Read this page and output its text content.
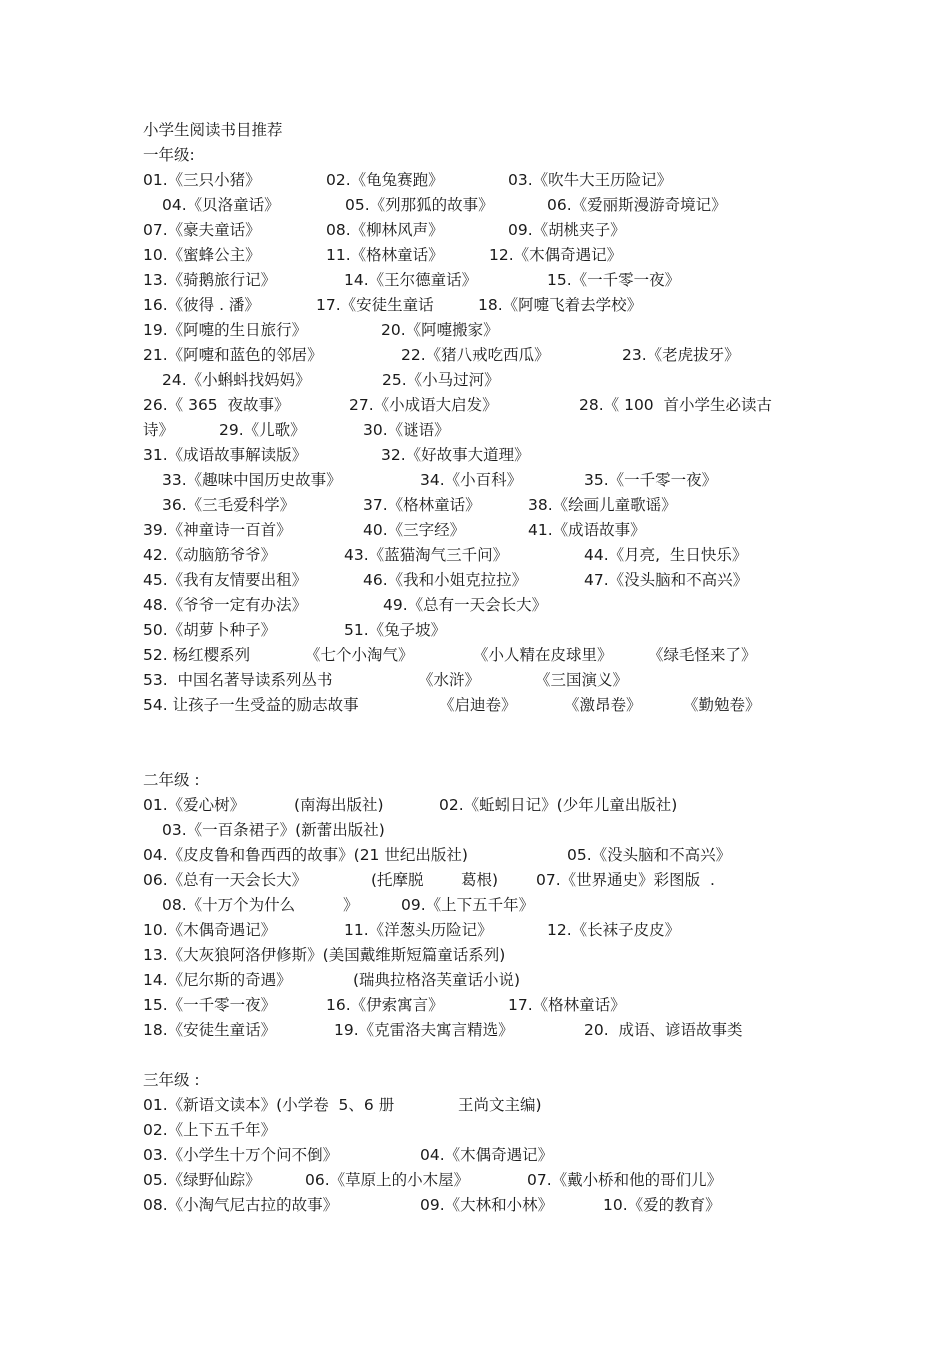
小学生阅读书目推荐
一年级:
01.《三只小猪》	02.《龟兔赛跑》	03.《吹牛大王历险记》
04.《贝洛童话》	05.《列那狐的故事》	06.《爱丽斯漫游奇境记》
07.《豪夫童话》	08.《柳林风声》	09.《胡桃夹子》
10.《蜜蜂公主》	11.《格林童话》	12.《木偶奇遇记》
13.《骑鹅旅行记》	14.《王尔德童话》	15.《一千零一夜》
16.《彼得 . 潘》	17.《安徒生童话	18.《阿嚏飞着去学校》
19.《阿嚏的生日旅行》	20.《阿嚏搬家》
21.《阿嚏和蓝色的邻居》	22.《猪八戒吃西瓜》	23.《老虎拔牙》
24.《小蝌蚪找妈妈》	25.《小马过河》
26.《 365  夜故事》	27.《小成语大启发》	28.《 100  首小学生必读古
诗》	29.《儿歌》	30.《谜语》
31.《成语故事解读版》	32.《好故事大道理》
33.《趣味中国历史故事》	34.《小百科》	35.《一千零一夜》
36.《三毛爱科学》	37.《格林童话》	38.《绘画儿童歌谣》
39.《神童诗一百首》	40.《三字经》	41.《成语故事》
42.《动脑筋爷爷》	43.《蓝猫淘气三千问》	44.《月亮,  生日快乐》
45.《我有友情要出租》	46.《我和小姐克拉拉》	47.《没头脑和不高兴》
48.《爷爷一定有办法》	49.《总有一天会长大》
50.《胡萝卜种子》	51.《兔子坡》
52. 杨红樱系列	《七个小淘气》	《小人精在皮球里》 《绿毛怪来了》
53.  中国名著导读系列丛书	《水浒》	《三国演义》
54. 让孩子一生受益的励志故事	《启迪卷》	《激昂卷》	《勤勉卷》
二年级 :
01.《爱心树》	(南海出版社)	02.《蚯蚓日记》(少年儿童出版社)
03.《一百条裙子》(新蕾出版社)
04.《皮皮鲁和鲁西西的故事》(21 世纪出版社)	05.《没头脑和不高兴》
06.《总有一天会长大》	(托摩脱 葛根) 07.《世界通史》彩图版  .
08.《十万个为什么	》	09.《上下五千年》
10.《木偶奇遇记》	11.《洋葱头历险记》	12.《长袜子皮皮》
13.《大灰狼阿洛伊修斯》(美国戴维斯短篇童话系列)
14.《尼尔斯的奇遇》	(瑞典拉格洛芙童话小说)
15.《一千零一夜》	16.《伊索寓言》	17.《格林童话》
18.《安徒生童话》	19.《克雷洛夫寓言精选》	20.  成语、谚语故事类
三年级 :
01.《新语文读本》(小学卷  5、6 册	王尚文主编)
02.《上下五千年》
03.《小学生十万个问不倒》	04.《木偶奇遇记》
05.《绿野仙踪》	06.《草原上的小木屋》	07.《戴小桥和他的哥们儿》
08.《小淘气尼古拉的故事》	09.《大林和小林》	10.《爱的教育》
